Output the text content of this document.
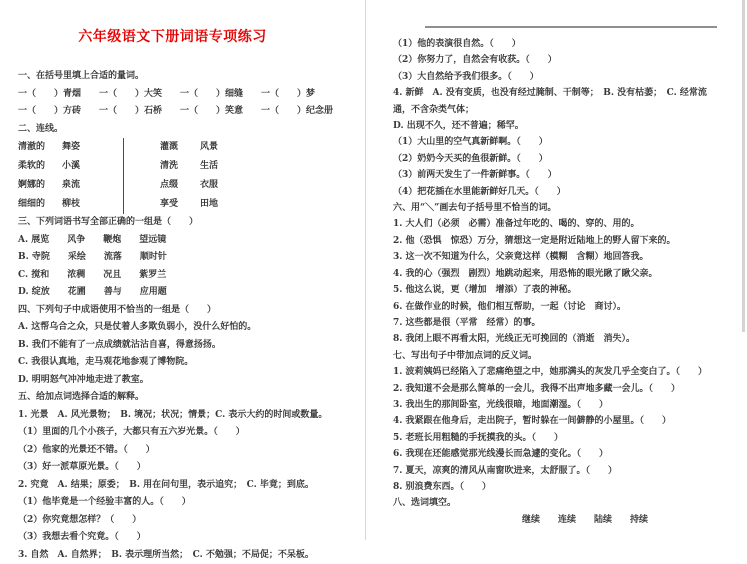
六年级语文下册词语专项练习
一、在括号里填上合适的量词。
一（　　）青烟　　一（　　）大笑　　一（　　）细缝　　一（　　）梦
一（　　）方砖　　一（　　）石桥　　一（　　）笑意　　一（　　）纪念册
二、连线。
清澈的	舞姿
柔软的	小溪
婀娜的	泉流
细细的	柳枝
灌溉	风景
清洗	生活
点缀	衣服
享受	田地
三、下列词语书写全部正确的一组是（　　）
A. 展览　　风争　　鞭炮　　望远镜
B. 寺院　　采绘　　流落　　顺时针
C. 搅和　　浓稠　　况且　　紫罗兰
D. 绽放　　花圃　　善与　　应用题
四、下列句子中成语使用不恰当的一组是（　　）
A. 这帮乌合之众，只是仗着人多欺负弱小，没什么好怕的。
B. 我们不能有了一点成绩就沾沾自喜，得意扬扬。
C. 我很认真地，走马观花地参观了博物院。
D. 明明怒气冲冲地走进了教室。
五、给加点词选择合适的解释。
1. 光景　A. 风光景物；　B. 境况；状况；情景；C. 表示大约的时间或数量。
（1）里面的几个小孩子，大都只有五六岁光景。（　　）
（2）他家的光景还不错。（　　）
（3）好一派草原光景。（　　）
2. 究竟　A. 结果；原委；　B. 用在问句里，表示追究；　C. 毕竟；到底。
（1）他毕竟是一个经验丰富的人。（　　）
（2）你究竟想怎样？（　　）
（3）我想去看个究竟。（　　）
3. 自然　A. 自然界；　B. 表示理所当然；　C. 不勉强；不局促；不呆板。
（1）他的表演很自然。（　　）
（2）你努力了，自然会有收获。（　　）
（3）大自然给予我们很多。（　　）
4. 新鲜　A. 没有变质，也没有经过腌制、干制等；　B. 没有枯萎；　C. 经常流通，不含杂类气体；
D. 出现不久，还不普遍；稀罕。
（1）大山里的空气真新鲜啊。（　　）
（2）奶奶今天买的鱼很新鲜。（　　）
（3）前两天发生了一件新鲜事。（　　）
（4）把花插在水里能新鲜好几天。（　　）
六、用“＼”画去句子括号里不恰当的词。
1. 大人们（必须　必需）准备过年吃的、喝的、穿的、用的。
2. 他（恐惧　惊恐）万分，猜想这一定是附近陆地上的野人留下来的。
3. 这一次不知道为什么，父亲竟这样（模糊　含糊）地回答我。
4. 我的心（强烈　剧烈）地跳动起来，用恐怖的眼光瞅了瞅父亲。
5. 他这么说，更（增加　增添）了表的神秘。
6. 在做作业的时候，他们相互帮助，一起（讨论　商讨）。
7. 这些都是很（平常　经常）的事。
8. 我闭上眼不再看太阳，光线正无可挽回的（消逝　消失）。
七、写出句子中带加点词的反义词。
1. 波莉姨妈已经陷入了悲痛绝望之中，她那满头的灰发几乎全变白了。（　　）
2. 我知道不会是那么简单的一会儿，我得不出声地多藏一会儿。（　　）
3. 我出生的那间卧室，光线很暗，地面潮湿。（　　）
4. 我紧跟在他身后，走出院子，暂时躲在一间僻静的小屋里。（　　）
5. 老班长用粗糙的手抚摸我的头。（　　）
6. 我现在还能感觉那光线漫长而急遽的变化。（　　）
7. 夏天，凉爽的清风从南窗吹进来，太舒服了。（　　）
8. 别浪费东西。（　　）
八、选词填空。
继续　　连续　　陆续　　持续
